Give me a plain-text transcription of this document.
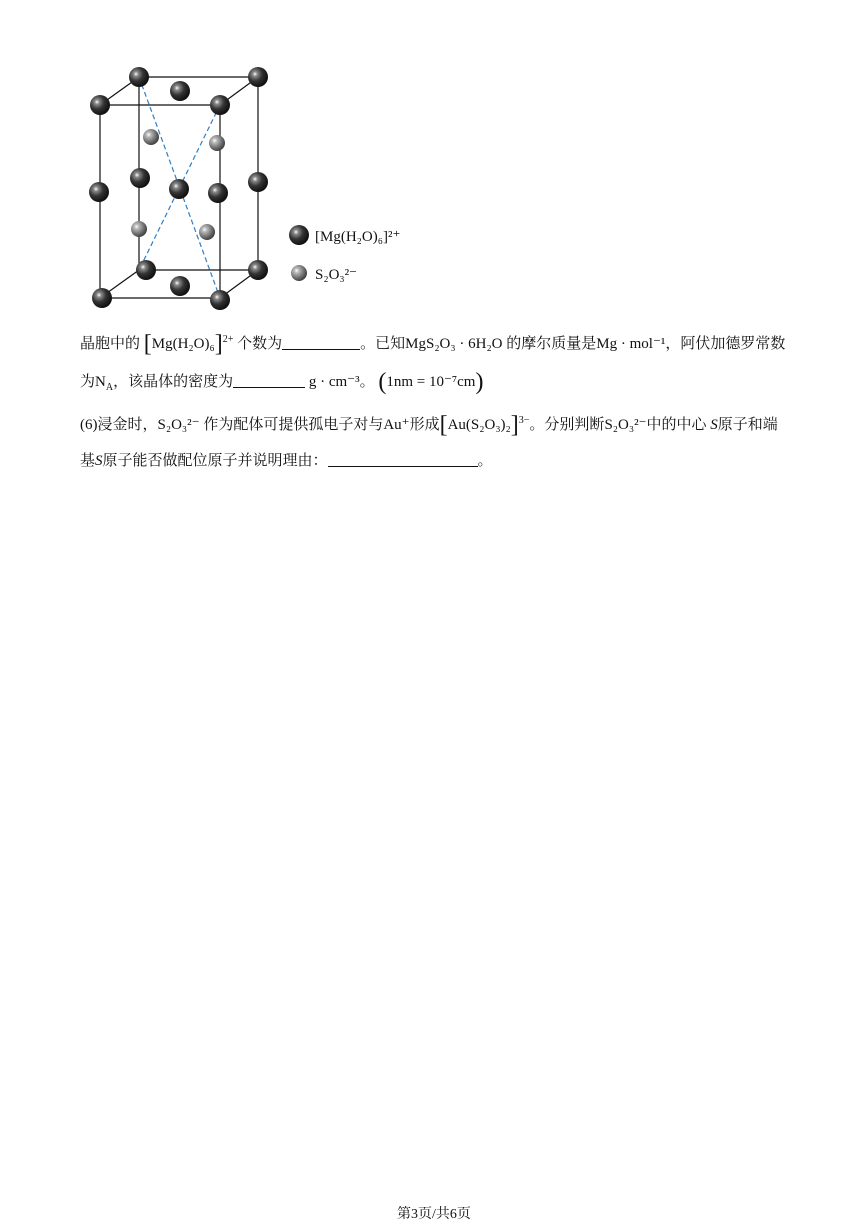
[Mg(H₂O)₆]²⁺
S₂O₃²⁻
晶胞中的 $[Mg(H_2O)_6]^{2+}$ 个数为	。已知MgS₂O₃ · 6H₂O 的摩尔质量是Mg · mol⁻¹，阿伏加德罗常数
为$N_A$，该晶体的密度为	g · cm⁻³。 (1nm = 10⁻⁷cm)
(6)浸金时，S₂O₃²⁻ 作为配体可提供孤电子对与Au⁺形成$[Au(S_2O_3)_2]^{3-}$。分别判断S₂O₃²⁻中的中心 S原子和端
基S原子能否做配位原子并说明理由：	。
第3页/共6页
